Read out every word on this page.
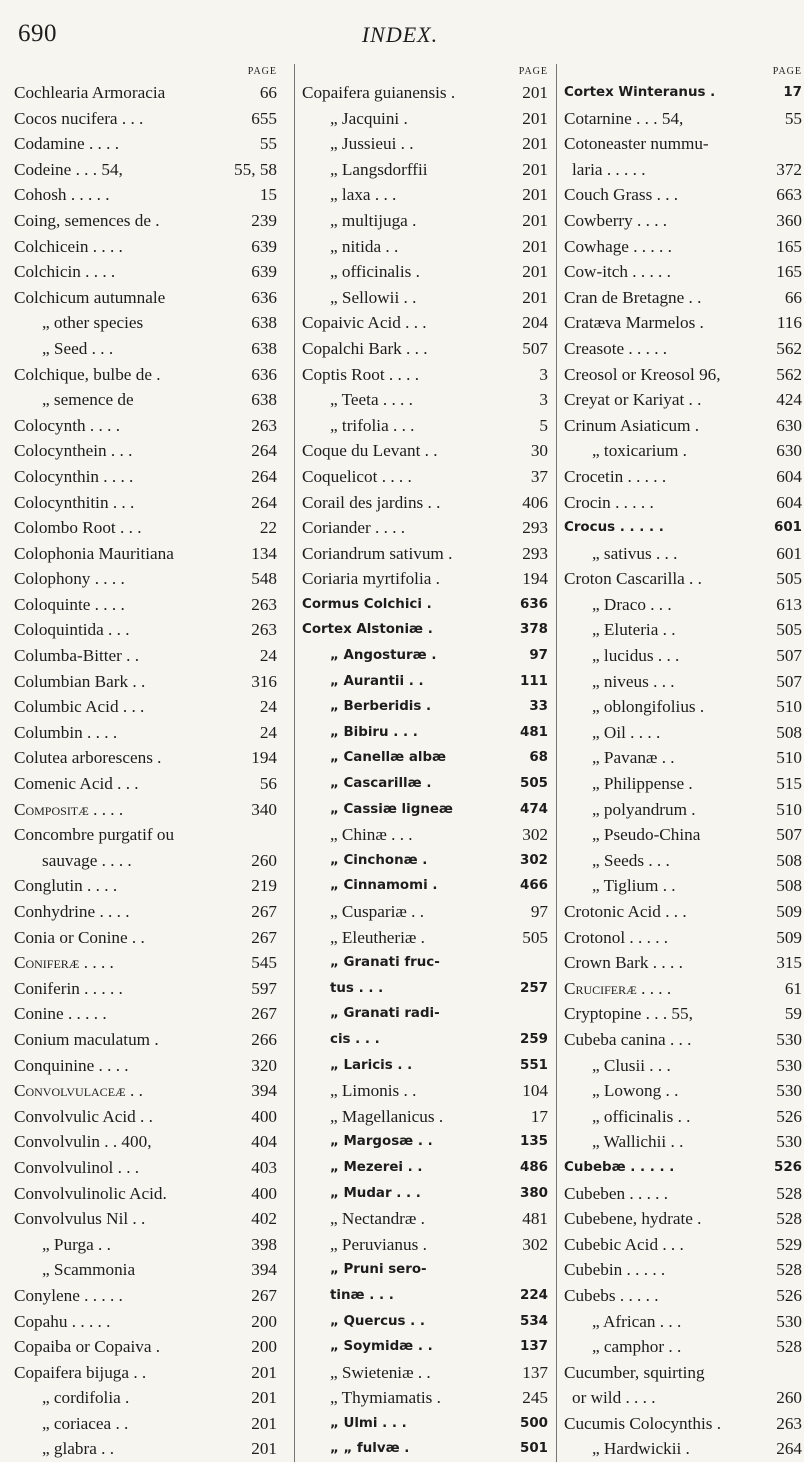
690	INDEX.
PAGE
Cochlearia Armoracia	66
Cocos nucifera . . .	655
Codamine . . . .	55
Codeine . . . 54,	55, 58
Cohosh . . . . .	15
Coing, semences de .	239
Colchicein . . . .	639
Colchicin . . . .	639
Colchicum autumnale	636
„ other species	638
„ Seed . . .	638
Colchique, bulbe de .	636
„ semence de	638
Colocynth . . . .	263
Colocynthein . . .	264
Colocynthin . . . .	264
Colocynthitin . . .	264
Colombo Root . . .	22
Colophonia Mauritiana	134
Colophony . . . .	548
Coloquinte . . . .	263
Coloquintida . . .	263
Columba-Bitter . .	24
Columbian Bark . .	316
Columbic Acid . . .	24
Columbin . . . .	24
Colutea arborescens .	194
Comenic Acid . . .	56
Compositæ . . . .	340
Concombre purgatif ou
sauvage . . . .	260
Conglutin . . . .	219
Conhydrine . . . .	267
Conia or Conine . .	267
Coniferæ . . . .	545
Coniferin . . . . .	597
Conine . . . . .	267
Conium maculatum .	266
Conquinine . . . .	320
Convolvulaceæ . .	394
Convolvulic Acid . .	400
Convolvulin . . 400,	404
Convolvulinol . . .	403
Convolvulinolic Acid.	400
Convolvulus Nil . .	402
„ Purga . .	398
„ Scammonia	394
Conylene . . . . .	267
Copahu . . . . .	200
Copaiba or Copaiva .	200
Copaifera bijuga . .	201
„ cordifolia .	201
„ coriacea . .	201
„ glabra . .	201
PAGE
Copaifera guianensis .	201
„ Jacquini .	201
„ Jussieui . .	201
„ Langsdorffii	201
„ laxa . . .	201
„ multijuga .	201
„ nitida . .	201
„ officinalis .	201
„ Sellowii . .	201
Copaivic Acid . . .	204
Copalchi Bark . . .	507
Coptis Root . . . .	3
„ Teeta . . . .	3
„ trifolia . . .	5
Coque du Levant . .	30
Coquelicot . . . .	37
Corail des jardins . .	406
Coriander . . . .	293
Coriandrum sativum .	293
Coriaria myrtifolia .	194
Cormus Colchici .	636
Cortex Alstoniæ .	378
„ Angosturæ .	97
„ Aurantii . .	111
„ Berberidis .	33
„ Bibiru . . .	481
„ Canellæ albæ	68
„ Cascarillæ .	505
„ Cassiæ ligneæ	474
„ Chinæ . . .	302
„ Cinchonæ .	302
„ Cinnamomi .	466
„ Cuspariæ . .	97
„ Eleutheriæ .	505
„ Granati fruc-
tus . . .	257
„ Granati radi-
cis . . .	259
„ Laricis . .	551
„ Limonis . .	104
„ Magellanicus .	17
„ Margosæ . .	135
„ Mezerei . .	486
„ Mudar . . .	380
„ Nectandræ .	481
„ Peruvianus .	302
„ Pruni sero-
tinæ . . .	224
„ Quercus . .	534
„ Soymidæ . .	137
„ Swieteniæ . .	137
„ Thymiamatis .	245
„ Ulmi . . .	500
„ „ fulvæ .	501
PAGE
Cortex Winteranus .	17
Cotarnine . . . 54,	55
Cotoneaster nummu-
laria . . . . .	372
Couch Grass . . .	663
Cowberry . . . .	360
Cowhage . . . . .	165
Cow-itch . . . . .	165
Cran de Bretagne . .	66
Cratæva Marmelos .	116
Creasote . . . . .	562
Creosol or Kreosol 96,	562
Creyat or Kariyat . .	424
Crinum Asiaticum .	630
„ toxicarium .	630
Crocetin . . . . .	604
Crocin . . . . .	604
Crocus . . . . .	601
„ sativus . . .	601
Croton Cascarilla . .	505
„ Draco . . .	613
„ Eluteria . .	505
„ lucidus . . .	507
„ niveus . . .	507
„ oblongifolius .	510
„ Oil . . . .	508
„ Pavanæ . .	510
„ Philippense .	515
„ polyandrum .	510
„ Pseudo-China	507
„ Seeds . . .	508
„ Tiglium . .	508
Crotonic Acid . . .	509
Crotonol . . . . .	509
Crown Bark . . . .	315
Cruciferæ . . . .	61
Cryptopine . . . 55,	59
Cubeba canina . . .	530
„ Clusii . . .	530
„ Lowong . .	530
„ officinalis . .	526
„ Wallichii . .	530
Cubebæ . . . . .	526
Cubeben . . . . .	528
Cubebene, hydrate .	528
Cubebic Acid . . .	529
Cubebin . . . . .	528
Cubebs . . . . .	526
„ African . . .	530
„ camphor . .	528
Cucumber, squirting
or wild . . . .	260
Cucumis Colocynthis .	263
„ Hardwickii .	264
